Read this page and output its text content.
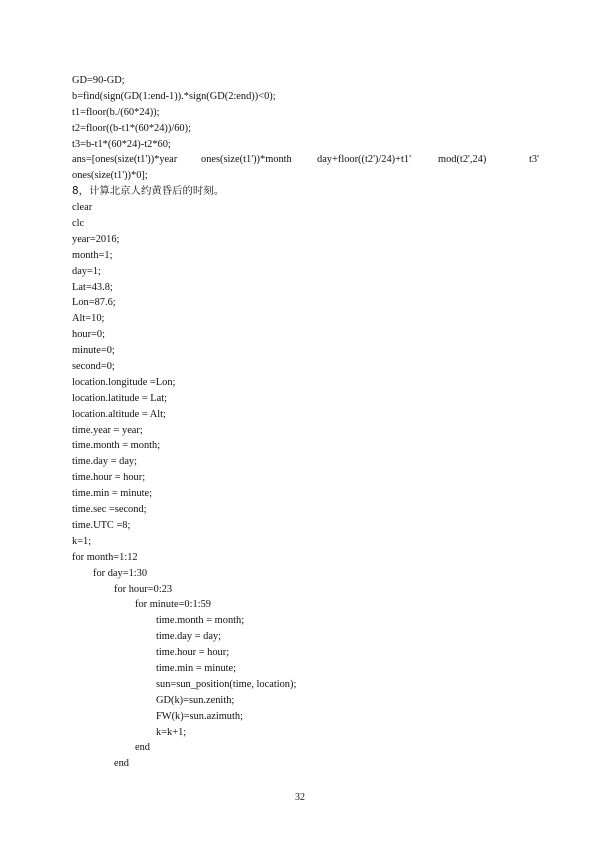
GD=90-GD;
b=find(sign(GD(1:end-1)).*sign(GD(2:end))<0);
t1=floor(b./(60*24));
t2=floor((b-t1*(60*24))/60);
t3=b-t1*(60*24)-t2*60;

ans=[ones(size(t1'))*year

ones(size(t1'))*month

day+floor((t2')/24)+t1'

	mod(t2',24)

	t3'

ones(size(t1'))*0];
8，计算北京人约黄昏后的时刻。
clear
clc
year=2016;
month=1;
day=1;
Lat=43.8;
Lon=87.6;
Alt=10;
hour=0;
minute=0;
second=0;
location.longitude =Lon;
location.latitude = Lat;
location.altitude = Alt;
time.year = year;
time.month = month;
time.day = day;
time.hour = hour;
time.min = minute;
time.sec =second;
time.UTC =8;
k=1;
for month=1:12
for day=1:30
for hour=0:23
for minute=0:1:59
time.month = month;
time.day = day;
time.hour = hour;
time.min = minute;
sun=sun_position(time, location);
GD(k)=sun.zenith;
FW(k)=sun.azimuth;
k=k+1;
end
end
32
